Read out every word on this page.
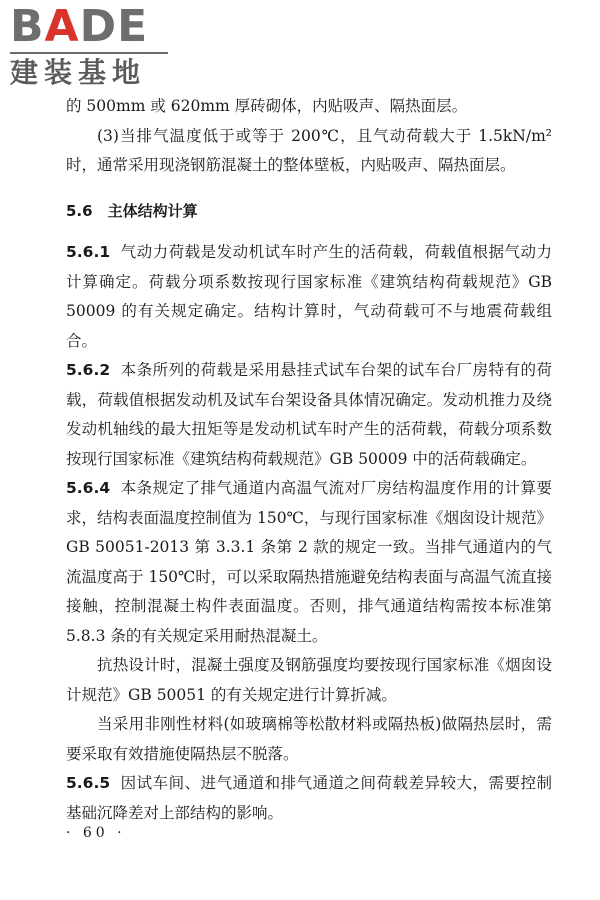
BADE
建装基地

的 500mm 或 620mm 厚砖砌体，内贴吸声、隔热面层。

(3)当排气温度低于或等于 200℃，且气动荷载大于 1.5kN/m² 时，通常采用现浇钢筋混凝土的整体壁板，内贴吸声、隔热面层。

5.6　主体结构计算

5.6.1 气动力荷载是发动机试车时产生的活荷载，荷载值根据气动力计算确定。荷载分项系数按现行国家标准《建筑结构荷载规范》GB 50009 的有关规定确定。结构计算时，气动荷载可不与地震荷载组合。

5.6.2 本条所列的荷载是采用悬挂式试车台架的试车台厂房特有的荷载，荷载值根据发动机及试车台架设备具体情况确定。发动机推力及绕发动机轴线的最大扭矩等是发动机试车时产生的活荷载，荷载分项系数按现行国家标准《建筑结构荷载规范》GB 50009 中的活荷载确定。

5.6.4 本条规定了排气通道内高温气流对厂房结构温度作用的计算要求，结构表面温度控制值为 150℃，与现行国家标准《烟囱设计规范》GB 50051-2013 第 3.3.1 条第 2 款的规定一致。当排气通道内的气流温度高于 150℃时，可以采取隔热措施避免结构表面与高温气流直接接触，控制混凝土构件表面温度。否则，排气通道结构需按本标准第 5.8.3 条的有关规定采用耐热混凝土。

抗热设计时，混凝土强度及钢筋强度均要按现行国家标准《烟囱设计规范》GB 50051 的有关规定进行计算折减。

当采用非刚性材料(如玻璃棉等松散材料或隔热板)做隔热层时，需要采取有效措施使隔热层不脱落。

5.6.5 因试车间、进气通道和排气通道之间荷载差异较大，需要控制基础沉降差对上部结构的影响。

· 60 ·
